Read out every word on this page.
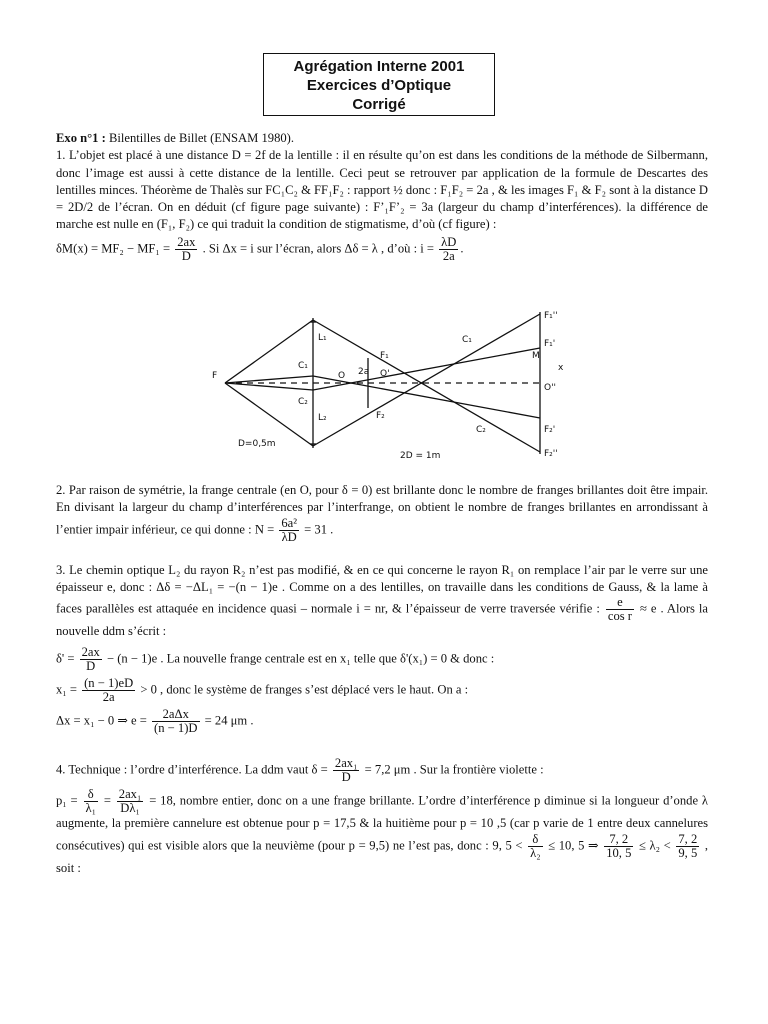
Agrégation Interne 2001
Exercices d’Optique
Corrigé

Exo n°1 : Bilentilles de Billet (ENSAM 1980).

1. L’objet est placé à une distance D = 2f de la lentille : il en résulte qu’on est dans les conditions de la méthode de Silbermann, donc l’image est aussi à cette distance de la lentille. Ceci peut se retrouver par application de la formule de Descartes des lentilles minces. Théorème de Thalès sur FC₁C₂ & FF₁F₂ : rapport ½ donc : F₁F₂ = 2a , & les images F₁ & F₂ sont à la distance D = 2D/2 de l’écran. On en déduit (cf figure page suivante) : F’₁F’₂ = 3a (largeur du champ d’interférences). la différence de marche est nulle en (F₁, F₂) ce qui traduit la condition de stigmatisme, d’où (cf figure) :

$\delta M(x) = MF_2 - MF_1 = \frac{2ax}{D}$ . Si Δx = i sur l’écran, alors Δδ = λ , d’où : $i = \frac{\lambda D}{2a}$ .

F
L₁
L₂
C₁
C₂
C₁
C₂
F₁
F₂
O	O'
O''
M
x
2a
F₁'
F₂'
F₁''
F₂''
D=0,5m
2D = 1m

2. Par raison de symétrie, la frange centrale (en O, pour δ = 0) est brillante donc le nombre de franges brillantes doit être impair. En divisant la largeur du champ d’interférences par l’interfrange, on obtient le nombre de franges brillantes en arrondissant à l’entier impair inférieur, ce qui donne : $N = \frac{\text{6a²}}{\lambda D} = 31$ .

3. Le chemin optique L₂ du rayon R₂ n’est pas modifié, & en ce qui concerne le rayon R₁ on remplace l’air par le verre sur une épaisseur e, donc : Δδ = −ΔL₁ = −(n − 1)e . Comme on a des lentilles, on travaille dans les conditions de Gauss, & la lame à faces parallèles est attaquée en incidence quasi – normale i = nr, & l’épaisseur de verre traversée vérifie : $\frac{e}{\text{cos r}} \approx e$ . Alors la nouvelle ddm s’écrit :

$\delta' = \frac{2ax}{D} - (n - 1)e$ . La nouvelle frange centrale est en x₁ telle que δ'(x₁) = 0 & donc :

$x_1 = \frac{(n - 1)eD}{2a} > 0$ , donc le système de franges s’est déplacé vers le haut. On a :

Δx = x₁ − 0 ⇒ $e = \frac{\text{2aΔx}}{(n - 1)D} = 24$ μm .

4. Technique : l’ordre d’interférence. La ddm vaut $\delta = \frac{\text{2ax₁}}{D} = 7,2$ μm . Sur la frontière violette :

$p_1 = \frac{\delta}{\text{λ₁}} = \frac{\text{2ax₁}}{\text{Dλ₁}} = 18$, nombre entier, donc on a une frange brillante. L’ordre d’interférence p diminue si la longueur d’onde λ augmente, la première cannelure est obtenue pour p = 17,5 & la huitième pour p = 10 ,5 (car p varie de 1 entre deux cannelures consécutives) qui est visible alors que la neuvième (pour p = 9,5) ne l’est pas, donc : 9, $5 < \frac{\delta}{\text{λ₂}} \le 10$, 5 ⇒ $\frac{7, 2}{10, 5} \le \lambda_2 < \frac{7, 2}{9, 5}$ , soit :
